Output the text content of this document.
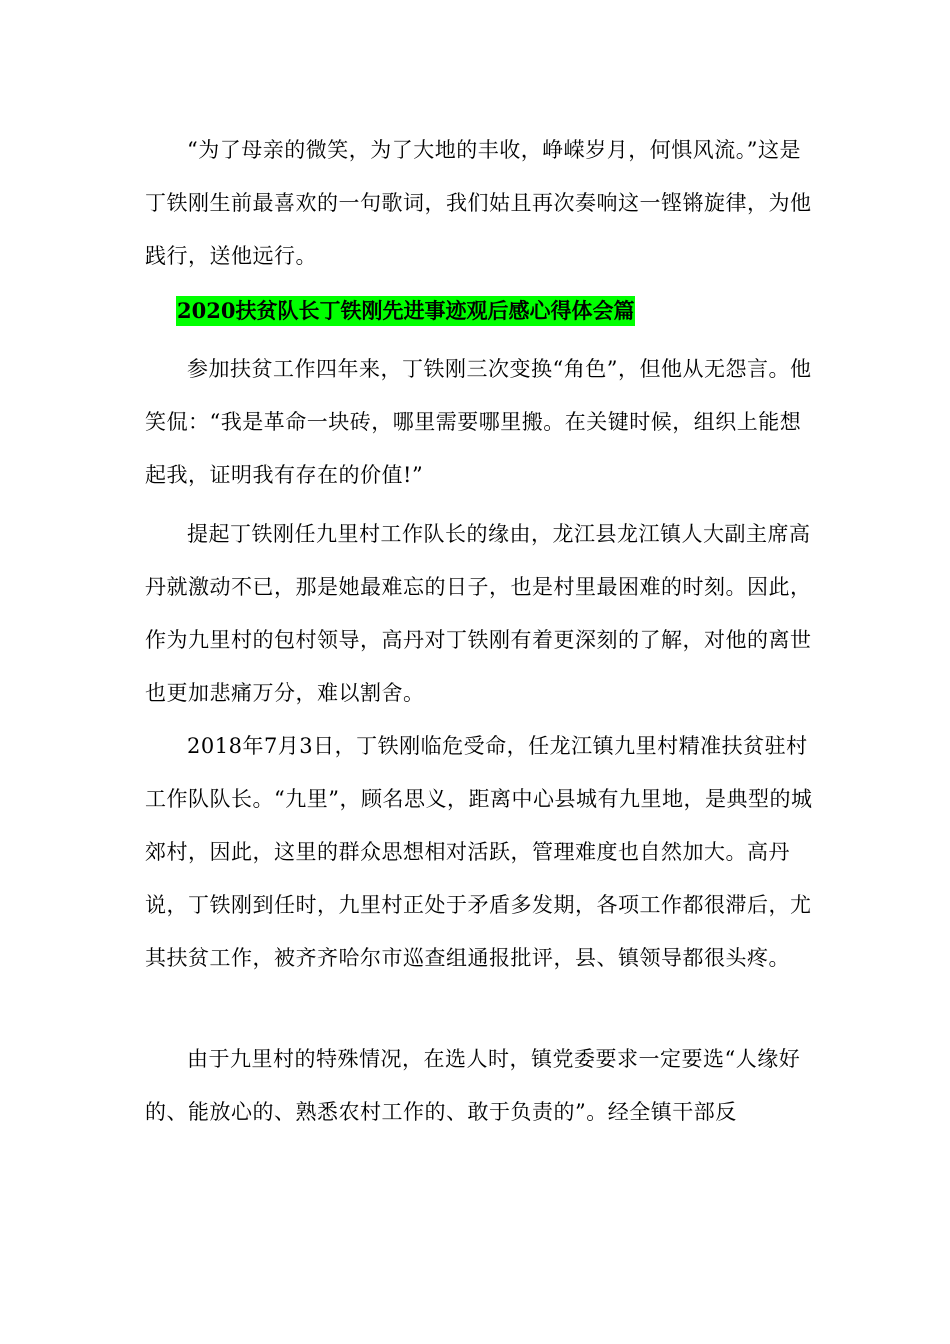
“为了母亲的微笑，为了大地的丰收，峥嵘岁月，何惧风流。”这是丁铁刚生前最喜欢的一句歌词，我们姑且再次奏响这一铿锵旋律，为他践行，送他远行。

2020扶贫队长丁铁刚先进事迹观后感心得体会篇

参加扶贫工作四年来，丁铁刚三次变换“角色”，但他从无怨言。他笑侃：“我是革命一块砖，哪里需要哪里搬。在关键时候，组织上能想起我，证明我有存在的价值!”

提起丁铁刚任九里村工作队长的缘由，龙江县龙江镇人大副主席高丹就激动不已，那是她最难忘的日子，也是村里最困难的时刻。因此，作为九里村的包村领导，高丹对丁铁刚有着更深刻的了解，对他的离世也更加悲痛万分，难以割舍。

2018年7月3日，丁铁刚临危受命，任龙江镇九里村精准扶贫驻村工作队队长。“九里”，顾名思义，距离中心县城有九里地，是典型的城郊村，因此，这里的群众思想相对活跃，管理难度也自然加大。高丹说，丁铁刚到任时，九里村正处于矛盾多发期，各项工作都很滞后，尤其扶贫工作，被齐齐哈尔市巡查组通报批评，县、镇领导都很头疼。

由于九里村的特殊情况，在选人时，镇党委要求一定要选“人缘好的、能放心的、熟悉农村工作的、敢于负责的”。经全镇干部反
